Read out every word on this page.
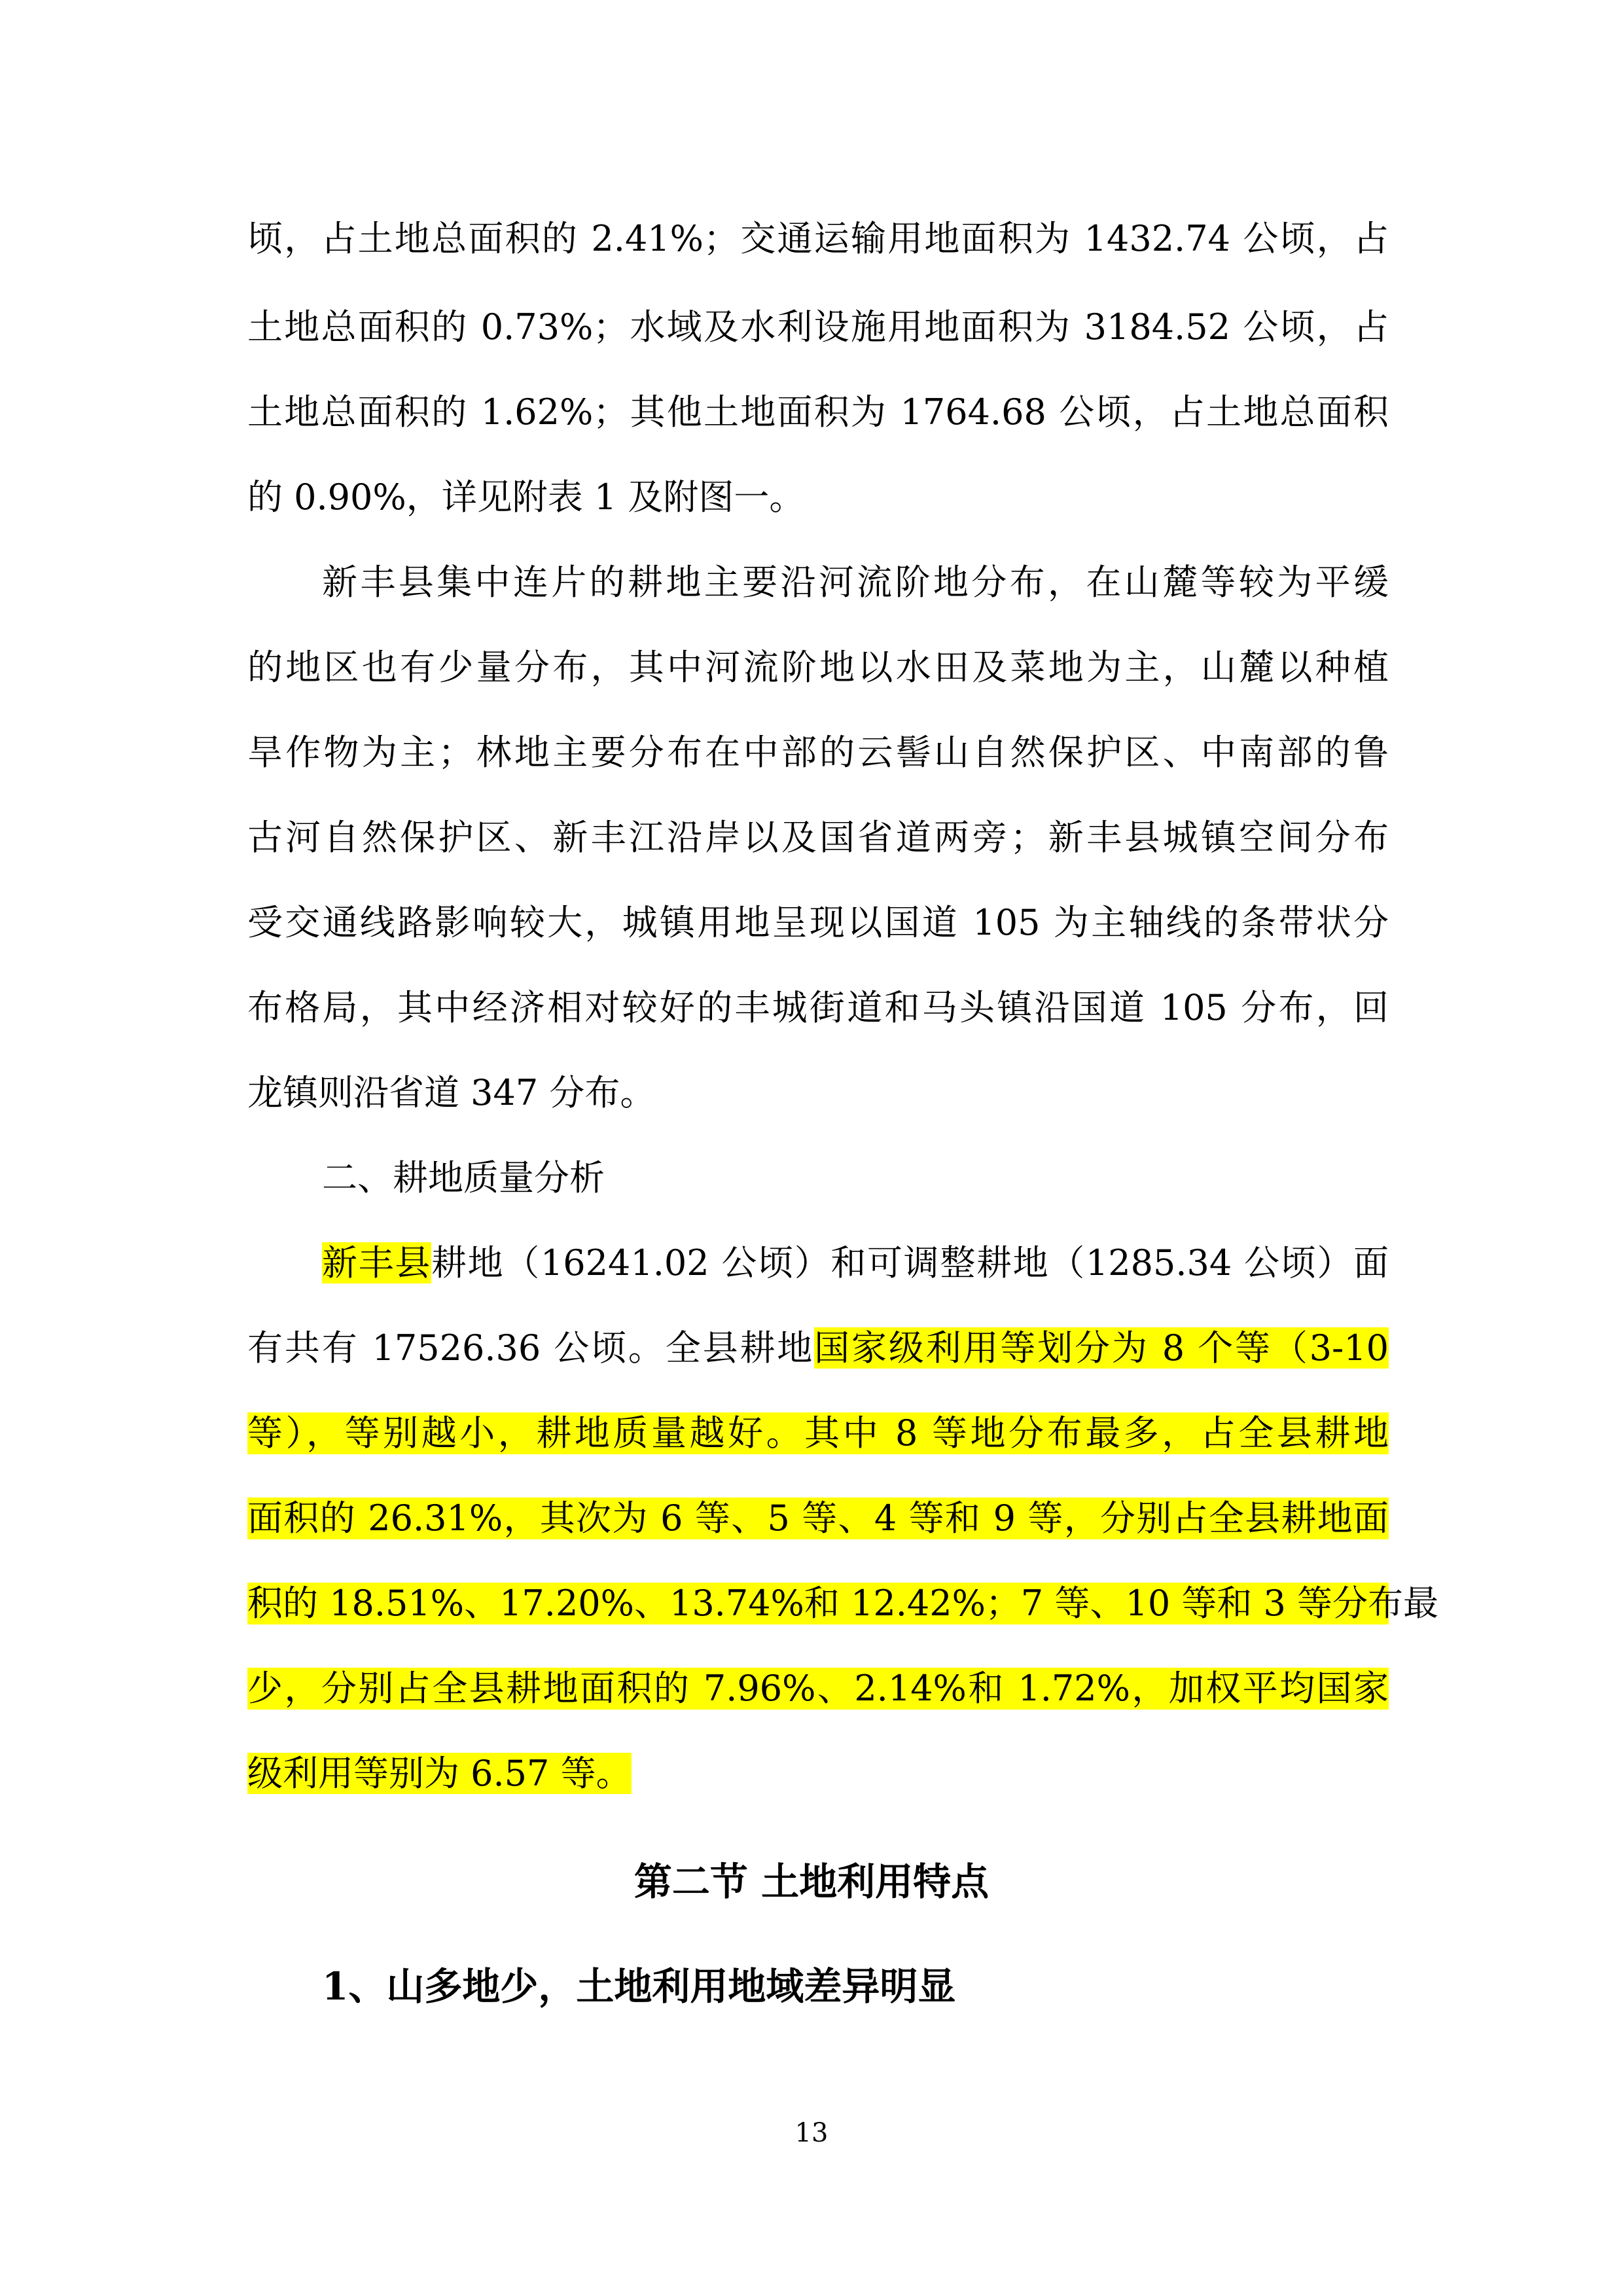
顷，占土地总面积的 2.41%；交通运输用地面积为 1432.74 公顷，占
土地总面积的 0.73%；水域及水利设施用地面积为 3184.52 公顷，占
土地总面积的 1.62%；其他土地面积为 1764.68 公顷，占土地总面积
的 0.90%，详见附表 1 及附图一。
新丰县集中连片的耕地主要沿河流阶地分布，在山麓等较为平缓
的地区也有少量分布，其中河流阶地以水田及菜地为主，山麓以种植
旱作物为主；林地主要分布在中部的云髻山自然保护区、中南部的鲁
古河自然保护区、新丰江沿岸以及国省道两旁；新丰县城镇空间分布
受交通线路影响较大，城镇用地呈现以国道 105 为主轴线的条带状分
布格局，其中经济相对较好的丰城街道和马头镇沿国道 105 分布，回
龙镇则沿省道 347 分布。
二、耕地质量分析
新丰县耕地（16241.02 公顷）和可调整耕地（1285.34 公顷）面
有共有 17526.36 公顷。全县耕地国家级利用等划分为 8 个等（3-10
等），等别越小，耕地质量越好。其中 8 等地分布最多，占全县耕地
面积的 26.31%，其次为 6 等、5 等、4 等和 9 等，分别占全县耕地面
积的 18.51%、17.20%、13.74%和 12.42%；7 等、10 等和 3 等分布最
少，分别占全县耕地面积的 7.96%、2.14%和 1.72%，加权平均国家
级利用等别为 6.57 等。
第二节 土地利用特点
1、山多地少，土地利用地域差异明显
13
